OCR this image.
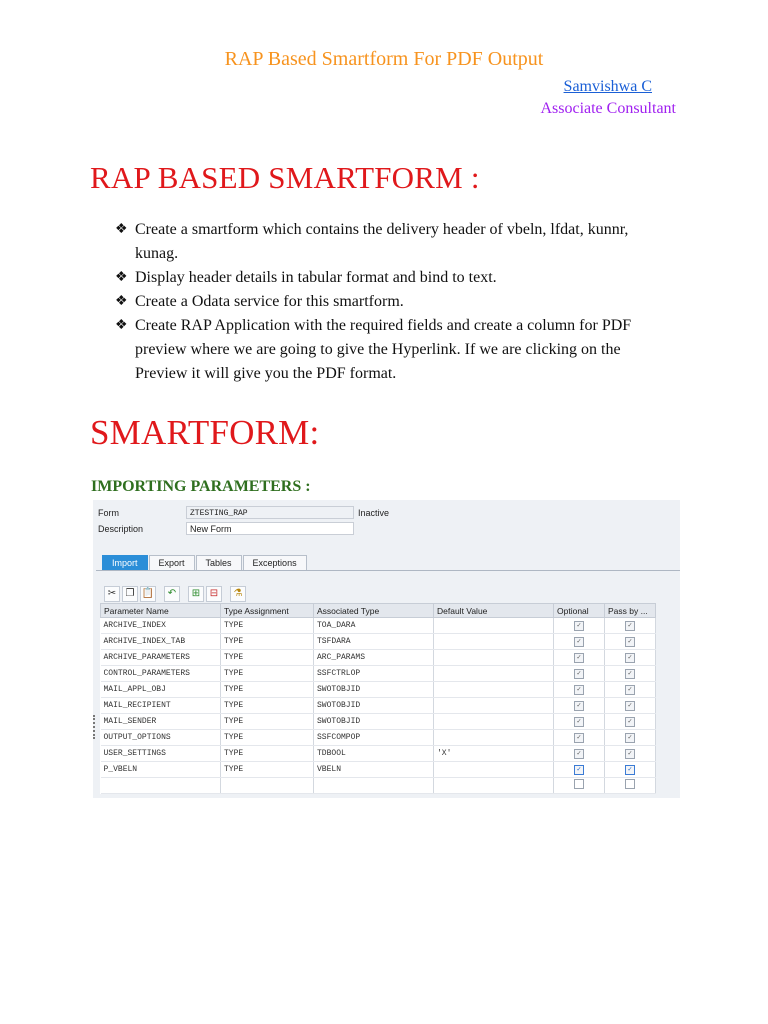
RAP Based Smartform For PDF Output
Samvishwa C
Associate Consultant
RAP BASED SMARTFORM :
❖ Create a smartform which contains the delivery header of vbeln, lfdat, kunnr, kunag.
❖ Display header details in tabular format and bind to text.
❖ Create a Odata service for this smartform.
❖ Create RAP Application with the required fields and create a column for PDF preview where we are going to give the Hyperlink. If we are clicking on the Preview it will give you the PDF format.
SMARTFORM:
IMPORTING PARAMETERS :
Form	ZTESTING_RAP	Inactive
Description	New Form
Import	Export	Tables	Exceptions
✂ ❐ 📋	↶	⊞ ⊟	⚗
Parameter Name	Type Assignment	Associated Type	Default Value	Optional	Pass by ...
ARCHIVE_INDEX	TYPE	TOA_DARA		✓	✓
ARCHIVE_INDEX_TAB	TYPE	TSFDARA		✓	✓
ARCHIVE_PARAMETERS	TYPE	ARC_PARAMS		✓	✓
CONTROL_PARAMETERS	TYPE	SSFCTRLOP		✓	✓
MAIL_APPL_OBJ	TYPE	SWOTOBJID		✓	✓
MAIL_RECIPIENT	TYPE	SWOTOBJID		✓	✓
MAIL_SENDER	TYPE	SWOTOBJID		✓	✓
OUTPUT_OPTIONS	TYPE	SSFCOMPOP		✓	✓
USER_SETTINGS	TYPE	TDBOOL	'X'	✓	✓
P_VBELN	TYPE	VBELN		✓	✓
